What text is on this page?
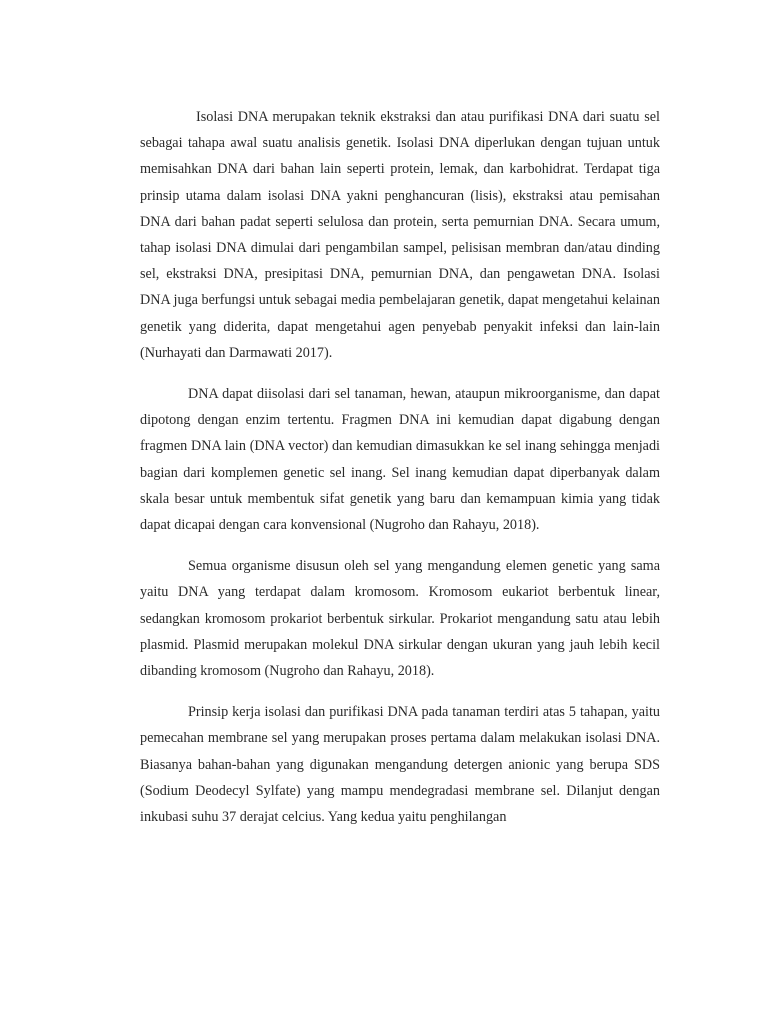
Isolasi DNA merupakan teknik ekstraksi dan atau purifikasi DNA dari suatu sel sebagai tahapa awal suatu analisis genetik. Isolasi DNA diperlukan dengan tujuan untuk memisahkan DNA dari bahan lain seperti protein, lemak, dan karbohidrat. Terdapat tiga prinsip utama dalam isolasi DNA yakni penghancuran (lisis), ekstraksi atau pemisahan DNA dari bahan padat seperti selulosa dan protein, serta pemurnian DNA. Secara umum, tahap isolasi DNA dimulai dari pengambilan sampel, pelisisan membran dan/atau dinding sel, ekstraksi DNA, presipitasi DNA, pemurnian DNA, dan pengawetan DNA. Isolasi DNA juga berfungsi untuk sebagai media pembelajaran genetik, dapat mengetahui kelainan genetik yang diderita, dapat mengetahui agen penyebab penyakit infeksi dan lain-lain (Nurhayati dan Darmawati 2017).

DNA dapat diisolasi dari sel tanaman, hewan, ataupun mikroorganisme, dan dapat dipotong dengan enzim tertentu. Fragmen DNA ini kemudian dapat digabung dengan fragmen DNA lain (DNA vector) dan kemudian dimasukkan ke sel inang sehingga menjadi bagian dari komplemen genetic sel inang. Sel inang kemudian dapat diperbanyak dalam skala besar untuk membentuk sifat genetik yang baru dan kemampuan kimia yang tidak dapat dicapai dengan cara konvensional (Nugroho dan Rahayu, 2018).

Semua organisme disusun oleh sel yang mengandung elemen genetic yang sama yaitu DNA yang terdapat dalam kromosom. Kromosom eukariot berbentuk linear, sedangkan kromosom prokariot berbentuk sirkular. Prokariot mengandung satu atau lebih plasmid. Plasmid merupakan molekul DNA sirkular dengan ukuran yang jauh lebih kecil dibanding kromosom (Nugroho dan Rahayu, 2018).

Prinsip kerja isolasi dan purifikasi DNA pada tanaman terdiri atas 5 tahapan, yaitu pemecahan membrane sel yang merupakan proses pertama dalam melakukan isolasi DNA. Biasanya bahan-bahan yang digunakan mengandung detergen anionic yang berupa SDS (Sodium Deodecyl Sylfate) yang mampu mendegradasi membrane sel. Dilanjut dengan inkubasi suhu 37 derajat celcius. Yang kedua yaitu penghilangan
